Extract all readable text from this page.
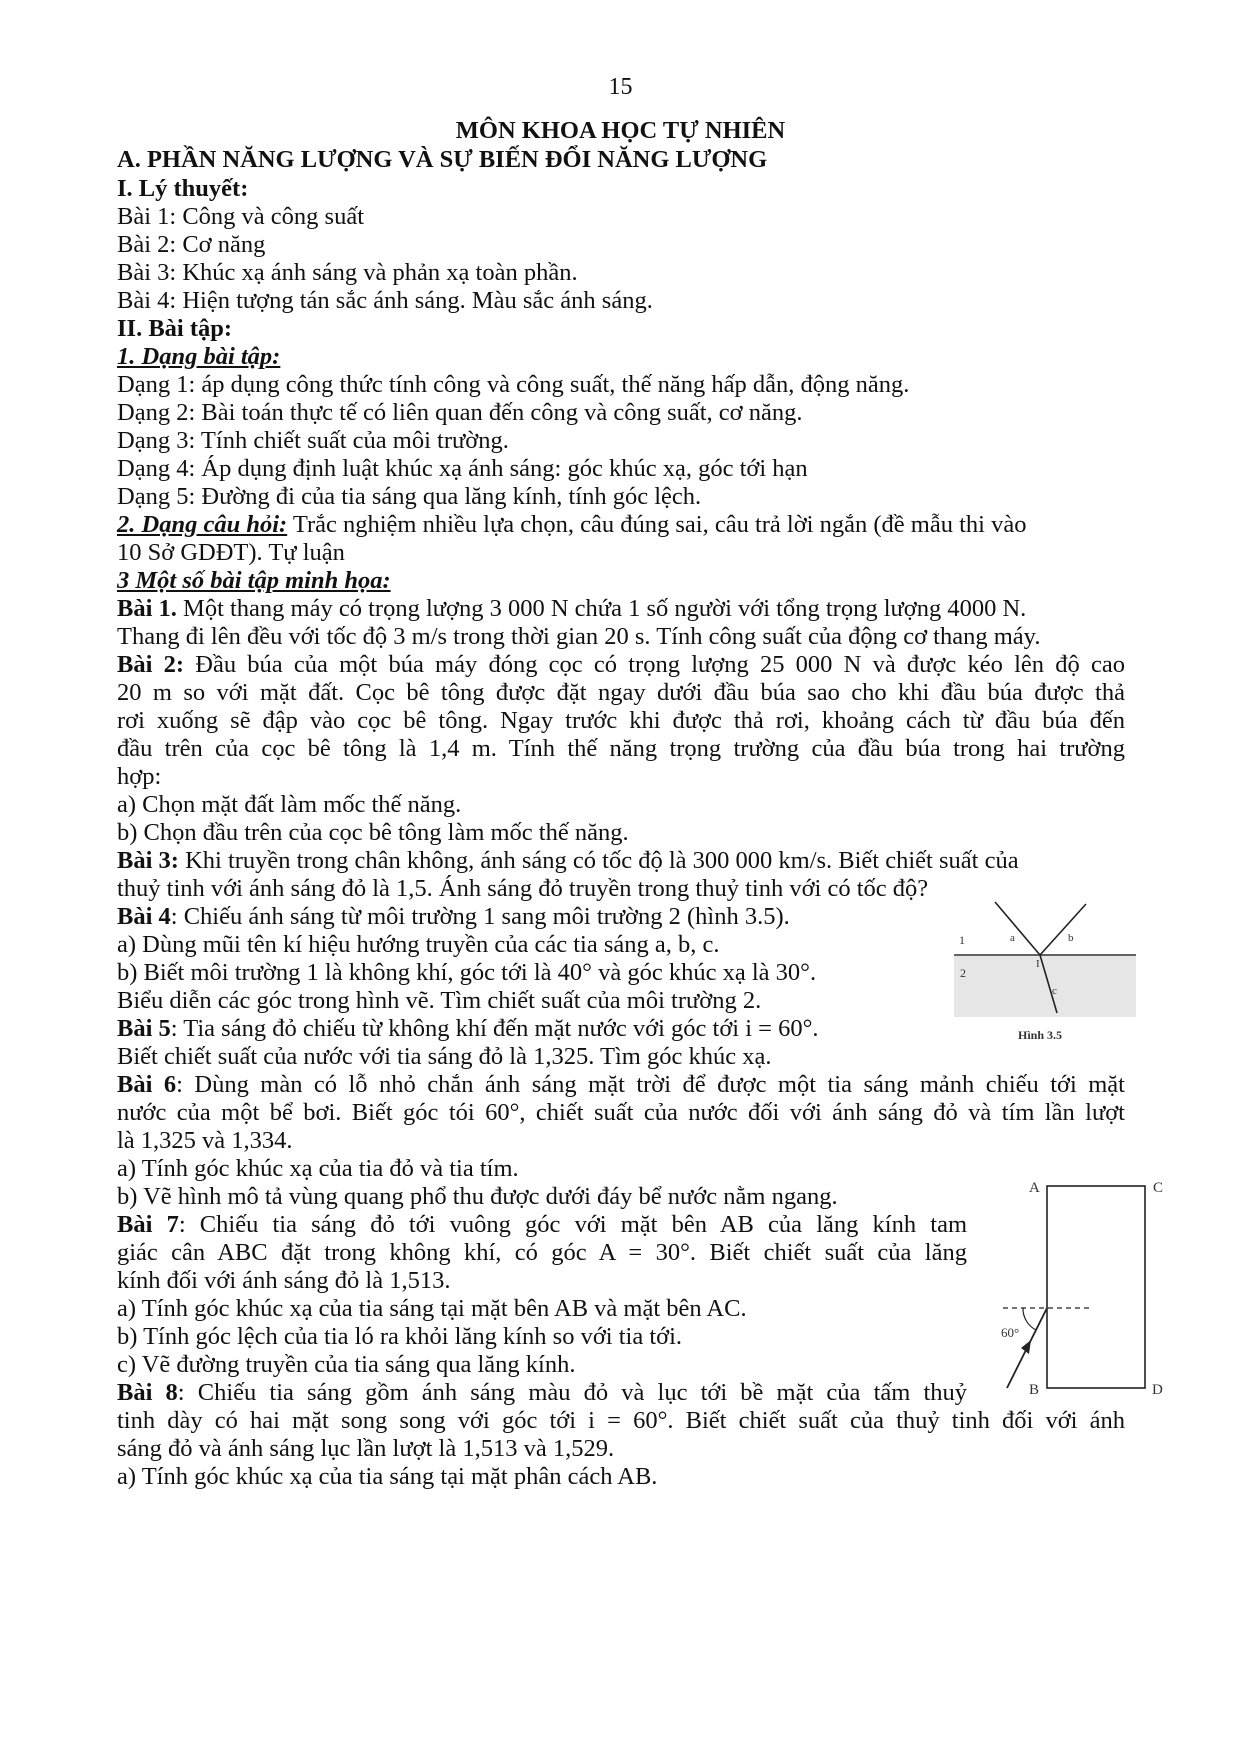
15
MÔN KHOA HỌC TỰ NHIÊN
A. PHẦN NĂNG LƯỢNG VÀ SỰ BIẾN ĐỔI NĂNG LƯỢNG
I. Lý thuyết:
Bài 1: Công và công suất
Bài 2: Cơ năng
Bài 3: Khúc xạ ánh sáng và phản xạ toàn phần.
Bài 4: Hiện tượng tán sắc ánh sáng. Màu sắc ánh sáng.
II. Bài tập:
1. Dạng bài tập:
Dạng 1: áp dụng công thức tính công và công suất, thế năng hấp dẫn, động năng.
Dạng 2: Bài toán thực tế có liên quan đến công và công suất, cơ năng.
Dạng 3: Tính chiết suất của môi trường.
Dạng 4: Áp dụng định luật khúc xạ ánh sáng: góc khúc xạ, góc tới hạn
Dạng 5: Đường đi của tia sáng qua lăng kính, tính góc lệch.
2. Dạng câu hỏi: Trắc nghiệm nhiều lựa chọn, câu đúng sai, câu trả lời ngắn (đề mẫu thi vào
10 Sở GDĐT). Tự luận
3 Một số bài tập minh họa:
Bài 1. Một thang máy có trọng lượng 3 000 N chứa 1 số người với tổng trọng lượng 4000 N.
Thang đi lên đều với tốc độ 3 m/s trong thời gian 20 s. Tính công suất của động cơ thang máy.
Bài 2: Đầu búa của một búa máy đóng cọc có trọng lượng 25 000 N và được kéo lên độ cao
20 m so với mặt đất. Cọc bê tông được đặt ngay dưới đầu búa sao cho khi đầu búa được thả
rơi xuống sẽ đập vào cọc bê tông. Ngay trước khi được thả rơi, khoảng cách từ đầu búa đến
đầu trên của cọc bê tông là 1,4 m. Tính thế năng trọng trường của đầu búa trong hai trường
hợp:
a) Chọn mặt đất làm mốc thế năng.
b) Chọn đầu trên của cọc bê tông làm mốc thế năng.
Bài 3: Khi truyền trong chân không, ánh sáng có tốc độ là 300 000 km/s. Biết chiết suất của
thuỷ tinh với ánh sáng đỏ là 1,5. Ánh sáng đỏ truyền trong thuỷ tinh với có tốc độ?
Bài 4: Chiếu ánh sáng từ môi trường 1 sang môi trường 2 (hình 3.5).
a) Dùng mũi tên kí hiệu hướng truyền của các tia sáng a, b, c.
b) Biết môi trường 1 là không khí, góc tới là 40° và góc khúc xạ là 30°.
Biểu diễn các góc trong hình vẽ. Tìm chiết suất của môi trường 2.
Bài 5: Tia sáng đỏ chiếu từ không khí đến mặt nước với góc tới i = 60°.
Biết chiết suất của nước với tia sáng đỏ là 1,325. Tìm góc khúc xạ.
Bài 6: Dùng màn có lỗ nhỏ chắn ánh sáng mặt trời để được một tia sáng mảnh chiếu tới mặt
nước của một bể bơi. Biết góc tói 60°, chiết suất của nước đối với ánh sáng đỏ và tím lần lượt
là 1,325 và 1,334.
a) Tính góc khúc xạ của tia đỏ và tia tím.
b) Vẽ hình mô tả vùng quang phổ thu được dưới đáy bể nước nằm ngang.
Bài 7: Chiếu tia sáng đỏ tới vuông góc với mặt bên AB của lăng kính tam
giác cân ABC đặt trong không khí, có góc A = 30°. Biết chiết suất của lăng
kính đối với ánh sáng đỏ là 1,513.
a) Tính góc khúc xạ của tia sáng tại mặt bên AB và mặt bên AC.
b) Tính góc lệch của tia ló ra khỏi lăng kính so với tia tới.
c) Vẽ đường truyền của tia sáng qua lăng kính.
Bài 8: Chiếu tia sáng gồm ánh sáng màu đỏ và lục tới bề mặt của tấm thuỷ
tinh dày có hai mặt song song với góc tới i = 60°. Biết chiết suất của thuỷ tinh đối với ánh
sáng đỏ và ánh sáng lục lần lượt là 1,513 và 1,529.
a) Tính góc khúc xạ của tia sáng tại mặt phân cách AB.
1
2
a	b
I
c
Hình 3.5
A	C
B	D
60°
